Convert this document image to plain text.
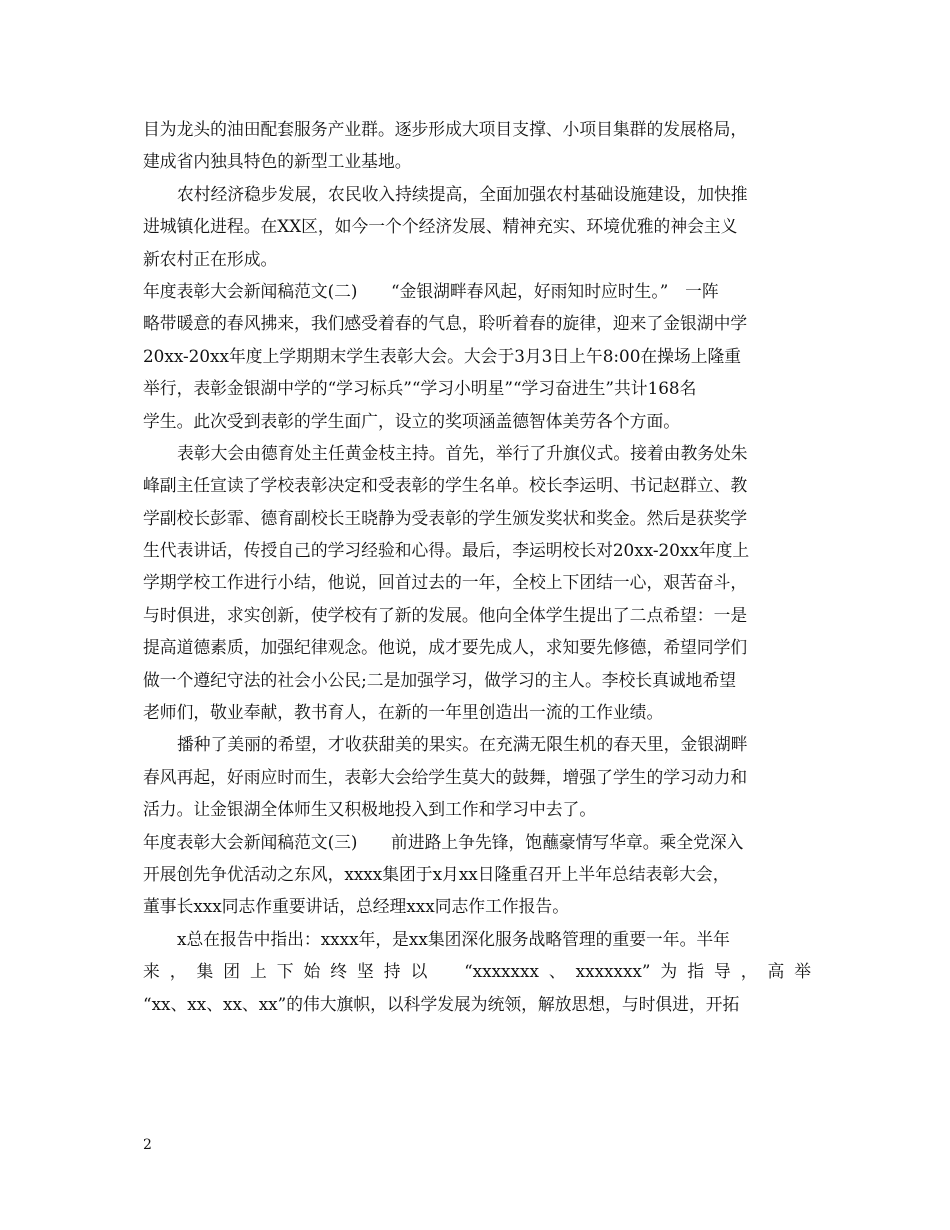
目为龙头的油田配套服务产业群。逐步形成大项目支撑、小项目集群的发展格局，
建成省内独具特色的新型工业基地。
农村经济稳步发展，农民收入持续提高，全面加强农村基础设施建设，加快推
进城镇化进程。在XX区，如今一个个经济发展、精神充实、环境优雅的神会主义
新农村正在形成。
年度表彰大会新闻稿范文(二)　　“金银湖畔春风起，好雨知时应时生。”　一阵
略带暖意的春风拂来，我们感受着春的气息，聆听着春的旋律，迎来了金银湖中学
20xx-20xx年度上学期期末学生表彰大会。大会于3月3日上午8:00在操场上隆重
举行，表彰金银湖中学的“学习标兵”“学习小明星”“学习奋进生”共计168名
学生。此次受到表彰的学生面广，设立的奖项涵盖德智体美劳各个方面。
表彰大会由德育处主任黄金枝主持。首先，举行了升旗仪式。接着由教务处朱
峰副主任宣读了学校表彰决定和受表彰的学生名单。校长李运明、书记赵群立、教
学副校长彭霏、德育副校长王晓静为受表彰的学生颁发奖状和奖金。然后是获奖学
生代表讲话，传授自己的学习经验和心得。最后，李运明校长对20xx-20xx年度上
学期学校工作进行小结，他说，回首过去的一年，全校上下团结一心，艰苦奋斗，
与时俱进，求实创新，使学校有了新的发展。他向全体学生提出了二点希望：一是
提高道德素质，加强纪律观念。他说，成才要先成人，求知要先修德，希望同学们
做一个遵纪守法的社会小公民;二是加强学习，做学习的主人。李校长真诚地希望
老师们，敬业奉献，教书育人，在新的一年里创造出一流的工作业绩。
播种了美丽的希望，才收获甜美的果实。在充满无限生机的春天里，金银湖畔
春风再起，好雨应时而生，表彰大会给学生莫大的鼓舞，增强了学生的学习动力和
活力。让金银湖全体师生又积极地投入到工作和学习中去了。
年度表彰大会新闻稿范文(三)　　前进路上争先锋，饱蘸豪情写华章。乘全党深入
开展创先争优活动之东风，xxxx集团于x月xx日隆重召开上半年总结表彰大会，
董事长xxx同志作重要讲话，总经理xxx同志作工作报告。
x总在报告中指出：xxxx年，是xx集团深化服务战略管理的重要一年。半年
来，集团上下始终坚持以　“xxxxxxx、xxxxxxx”为指导，高举
“xx、xx、xx、xx”的伟大旗帜，以科学发展为统领，解放思想，与时俱进，开拓
2
